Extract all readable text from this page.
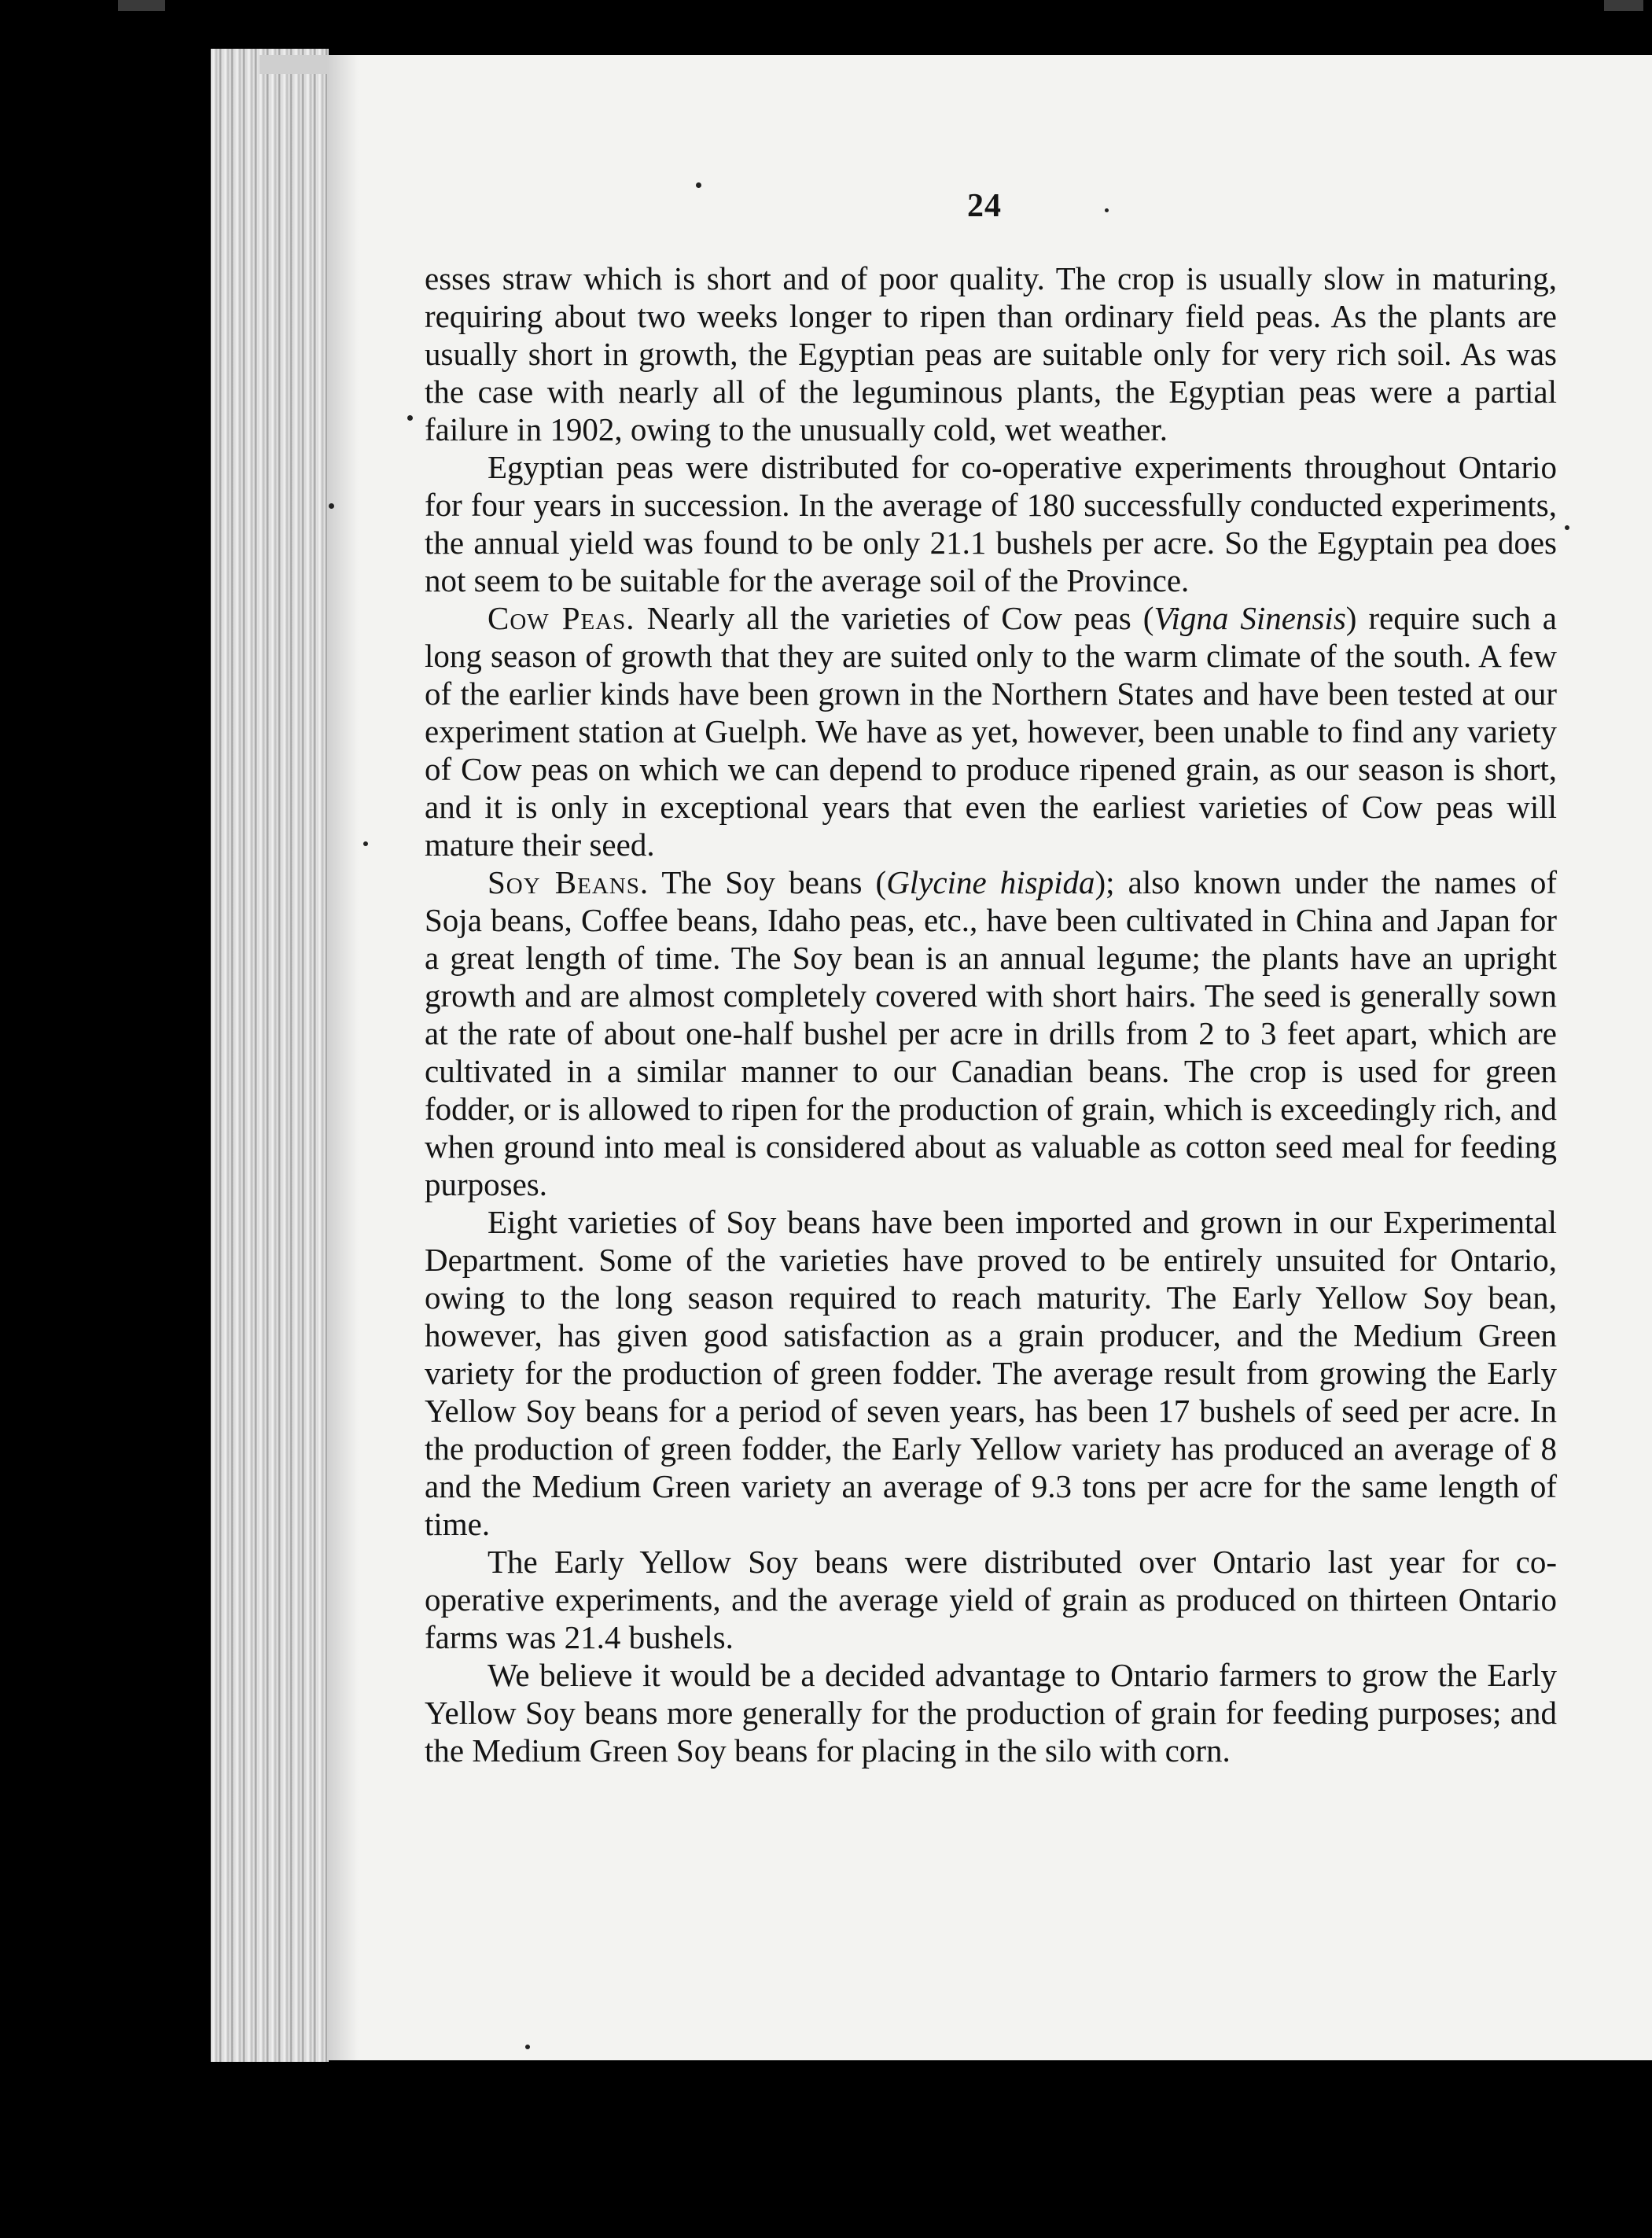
24

esses straw which is short and of poor quality. The crop is usually slow in maturing, requiring about two weeks longer to ripen than ordinary field peas. As the plants are usually short in growth, the Egyptian peas are suitable only for very rich soil. As was the case with nearly all of the leguminous plants, the Egyptian peas were a partial failure in 1902, owing to the unusually cold, wet weather.

Egyptian peas were distributed for co-operative experiments throughout Ontario for four years in succession. In the average of 180 successfully conducted experiments, the annual yield was found to be only 21.1 bushels per acre. So the Egyptain pea does not seem to be suitable for the average soil of the Province.

Cow Peas. Nearly all the varieties of Cow peas (Vigna Sinensis) require such a long season of growth that they are suited only to the warm climate of the south. A few of the earlier kinds have been grown in the Northern States and have been tested at our experiment station at Guelph. We have as yet, however, been unable to find any variety of Cow peas on which we can depend to produce ripened grain, as our season is short, and it is only in exceptional years that even the earliest varieties of Cow peas will mature their seed.

Soy Beans. The Soy beans (Glycine hispida); also known under the names of Soja beans, Coffee beans, Idaho peas, etc., have been cultivated in China and Japan for a great length of time. The Soy bean is an annual legume; the plants have an upright growth and are almost completely covered with short hairs. The seed is generally sown at the rate of about one-half bushel per acre in drills from 2 to 3 feet apart, which are cultivated in a similar manner to our Canadian beans. The crop is used for green fodder, or is allowed to ripen for the production of grain, which is exceedingly rich, and when ground into meal is considered about as valuable as cotton seed meal for feeding purposes.

Eight varieties of Soy beans have been imported and grown in our Experimental Department. Some of the varieties have proved to be entirely unsuited for Ontario, owing to the long season required to reach maturity. The Early Yellow Soy bean, however, has given good satisfaction as a grain producer, and the Medium Green variety for the production of green fodder. The average result from growing the Early Yellow Soy beans for a period of seven years, has been 17 bushels of seed per acre. In the production of green fodder, the Early Yellow variety has produced an average of 8 and the Medium Green variety an average of 9.3 tons per acre for the same length of time.

The Early Yellow Soy beans were distributed over Ontario last year for co-operative experiments, and the average yield of grain as produced on thirteen Ontario farms was 21.4 bushels.

We believe it would be a decided advantage to Ontario farmers to grow the Early Yellow Soy beans more generally for the production of grain for feeding purposes; and the Medium Green Soy beans for placing in the silo with corn.
